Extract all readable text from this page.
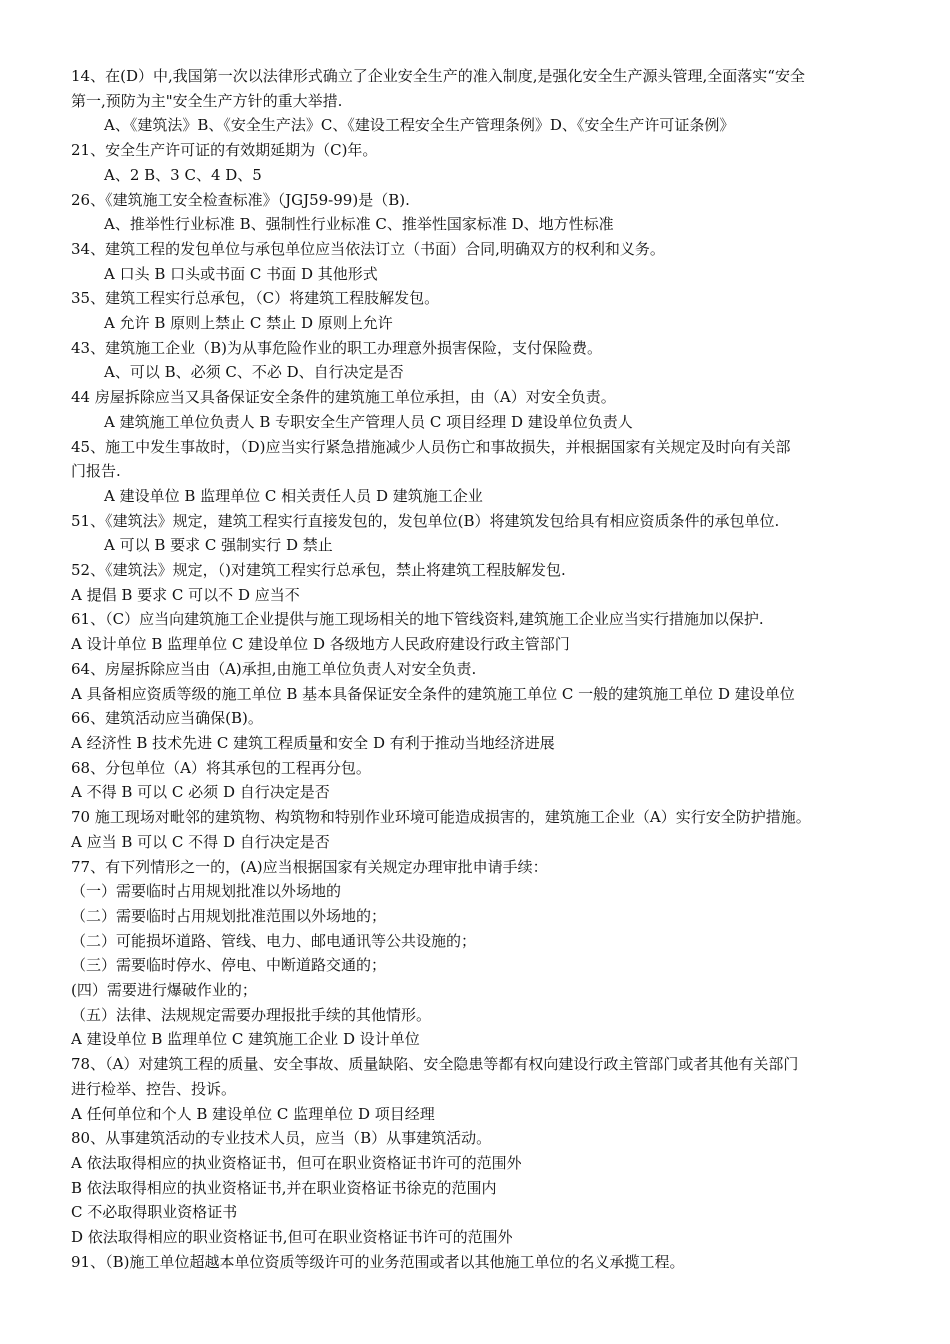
14、在(D）中,我国第一次以法律形式确立了企业安全生产的准入制度,是强化安全生产源头管理,全面落实“安全
第一,预防为主"安全生产方针的重大举措.
A、《建筑法》B、《安全生产法》C、《建设工程安全生产管理条例》D、《安全生产许可证条例》
21、安全生产许可证的有效期延期为（C)年。
A、2 B、3 C、4 D、5
26、《建筑施工安全检查标准》（JGJ59-99)是（B).
A、推举性行业标准 B、强制性行业标准 C、推举性国家标准 D、地方性标准
34、建筑工程的发包单位与承包单位应当依法订立（书面）合同,明确双方的权利和义务。
A 口头 B 口头或书面 C 书面 D 其他形式
35、建筑工程实行总承包，（C）将建筑工程肢解发包。
A 允许 B 原则上禁止 C 禁止 D 原则上允许
43、建筑施工企业（B)为从事危险作业的职工办理意外损害保险，支付保险费。
A、可以 B、必须 C、不必 D、自行决定是否
44 房屋拆除应当又具备保证安全条件的建筑施工单位承担，由（A）对安全负责。
A 建筑施工单位负责人 B 专职安全生产管理人员 C 项目经理 D 建设单位负责人
45、施工中发生事故时，（D)应当实行紧急措施减少人员伤亡和事故损失，并根据国家有关规定及时向有关部
门报告.
A 建设单位 B 监理单位 C 相关责任人员 D 建筑施工企业
51、《建筑法》规定，建筑工程实行直接发包的，发包单位(B）将建筑发包给具有相应资质条件的承包单位.
A 可以 B 要求 C 强制实行 D 禁止
52、《建筑法》规定，（)对建筑工程实行总承包，禁止将建筑工程肢解发包.
A 提倡 B 要求 C 可以不 D 应当不
61、（C）应当向建筑施工企业提供与施工现场相关的地下管线资料,建筑施工企业应当实行措施加以保护.
A 设计单位 B 监理单位 C 建设单位 D 各级地方人民政府建设行政主管部门
64、房屋拆除应当由（A)承担,由施工单位负责人对安全负责.
A 具备相应资质等级的施工单位 B 基本具备保证安全条件的建筑施工单位 C 一般的建筑施工单位 D 建设单位
66、建筑活动应当确保(B)。
A 经济性 B 技术先进 C 建筑工程质量和安全 D 有利于推动当地经济进展
68、分包单位（A）将其承包的工程再分包。
A 不得 B 可以 C 必须 D 自行决定是否
70 施工现场对毗邻的建筑物、构筑物和特别作业环境可能造成损害的，建筑施工企业（A）实行安全防护措施。
A 应当 B 可以 C 不得 D 自行决定是否
77、有下列情形之一的，(A)应当根据国家有关规定办理审批申请手续：
（一）需要临时占用规划批准以外场地的
（二）需要临时占用规划批准范围以外场地的；
（二）可能损坏道路、管线、电力、邮电通讯等公共设施的；
（三）需要临时停水、停电、中断道路交通的；
(四）需要进行爆破作业的；
（五）法律、法规规定需要办理报批手续的其他情形。
A 建设单位 B 监理单位 C 建筑施工企业 D 设计单位
78、（A）对建筑工程的质量、安全事故、质量缺陷、安全隐患等都有权向建设行政主管部门或者其他有关部门
进行检举、控告、投诉。
A 任何单位和个人 B 建设单位 C 监理单位 D 项目经理
80、从事建筑活动的专业技术人员，应当（B）从事建筑活动。
A 依法取得相应的执业资格证书，但可在职业资格证书许可的范围外
B 依法取得相应的执业资格证书,并在职业资格证书徐克的范围内
C 不必取得职业资格证书
D 依法取得相应的职业资格证书,但可在职业资格证书许可的范围外
91、（B)施工单位超越本单位资质等级许可的业务范围或者以其他施工单位的名义承揽工程。
